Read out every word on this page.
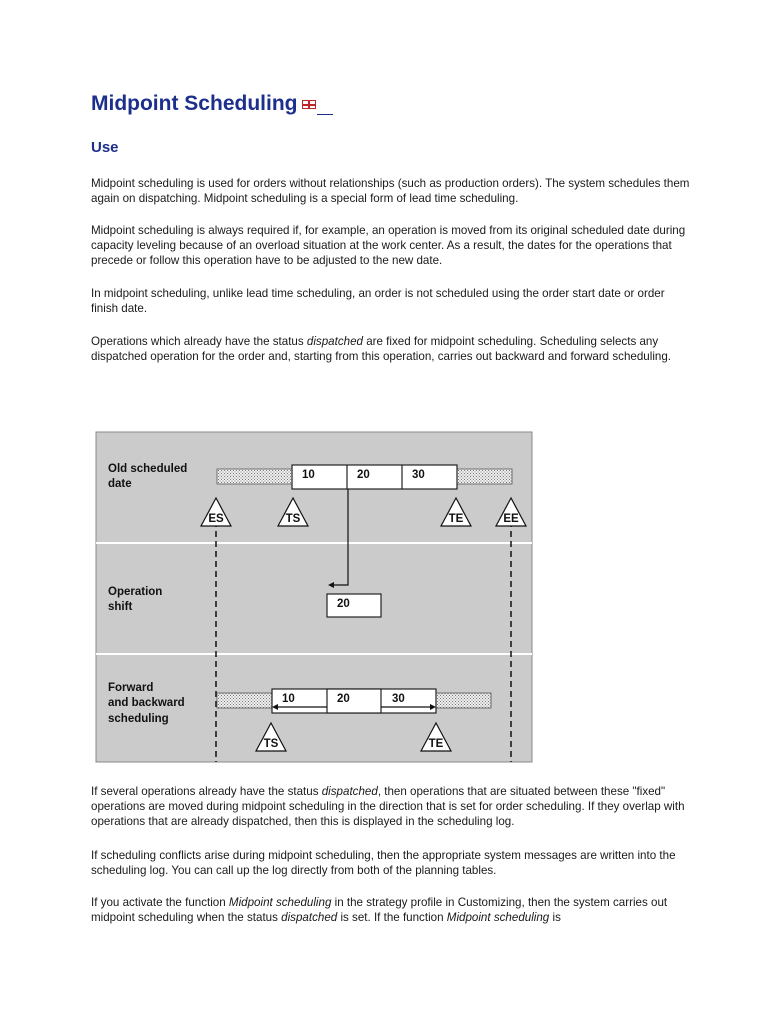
Midpoint Scheduling
Use

Midpoint scheduling is used for orders without relationships (such as production orders). The system schedules them again on dispatching. Midpoint scheduling is a special form of lead time scheduling.

Midpoint scheduling is always required if, for example, an operation is moved from its original scheduled date during capacity leveling because of an overload situation at the work center. As a result, the dates for the operations that precede or follow this operation have to be adjusted to the new date.

In midpoint scheduling, unlike lead time scheduling, an order is not scheduled using the order start date or order finish date.

Operations which already have the status dispatched are fixed for midpoint scheduling. Scheduling selects any dispatched operation for the order and, starting from this operation, carries out backward and forward scheduling.

Old scheduled
date
Operation
shift
Forward
and backward
scheduling
10	20	30
ES	TS	TE	EE
20
10	20	30
TS	TE

If several operations already have the status dispatched, then operations that are situated between these "fixed" operations are moved during midpoint scheduling in the direction that is set for order scheduling. If they overlap with operations that are already dispatched, then this is displayed in the scheduling log.

If scheduling conflicts arise during midpoint scheduling, then the appropriate system messages are written into the scheduling log. You can call up the log directly from both of the planning tables.

If you activate the function Midpoint scheduling in the strategy profile in Customizing, then the system carries out midpoint scheduling when the status dispatched is set. If the function Midpoint scheduling is
